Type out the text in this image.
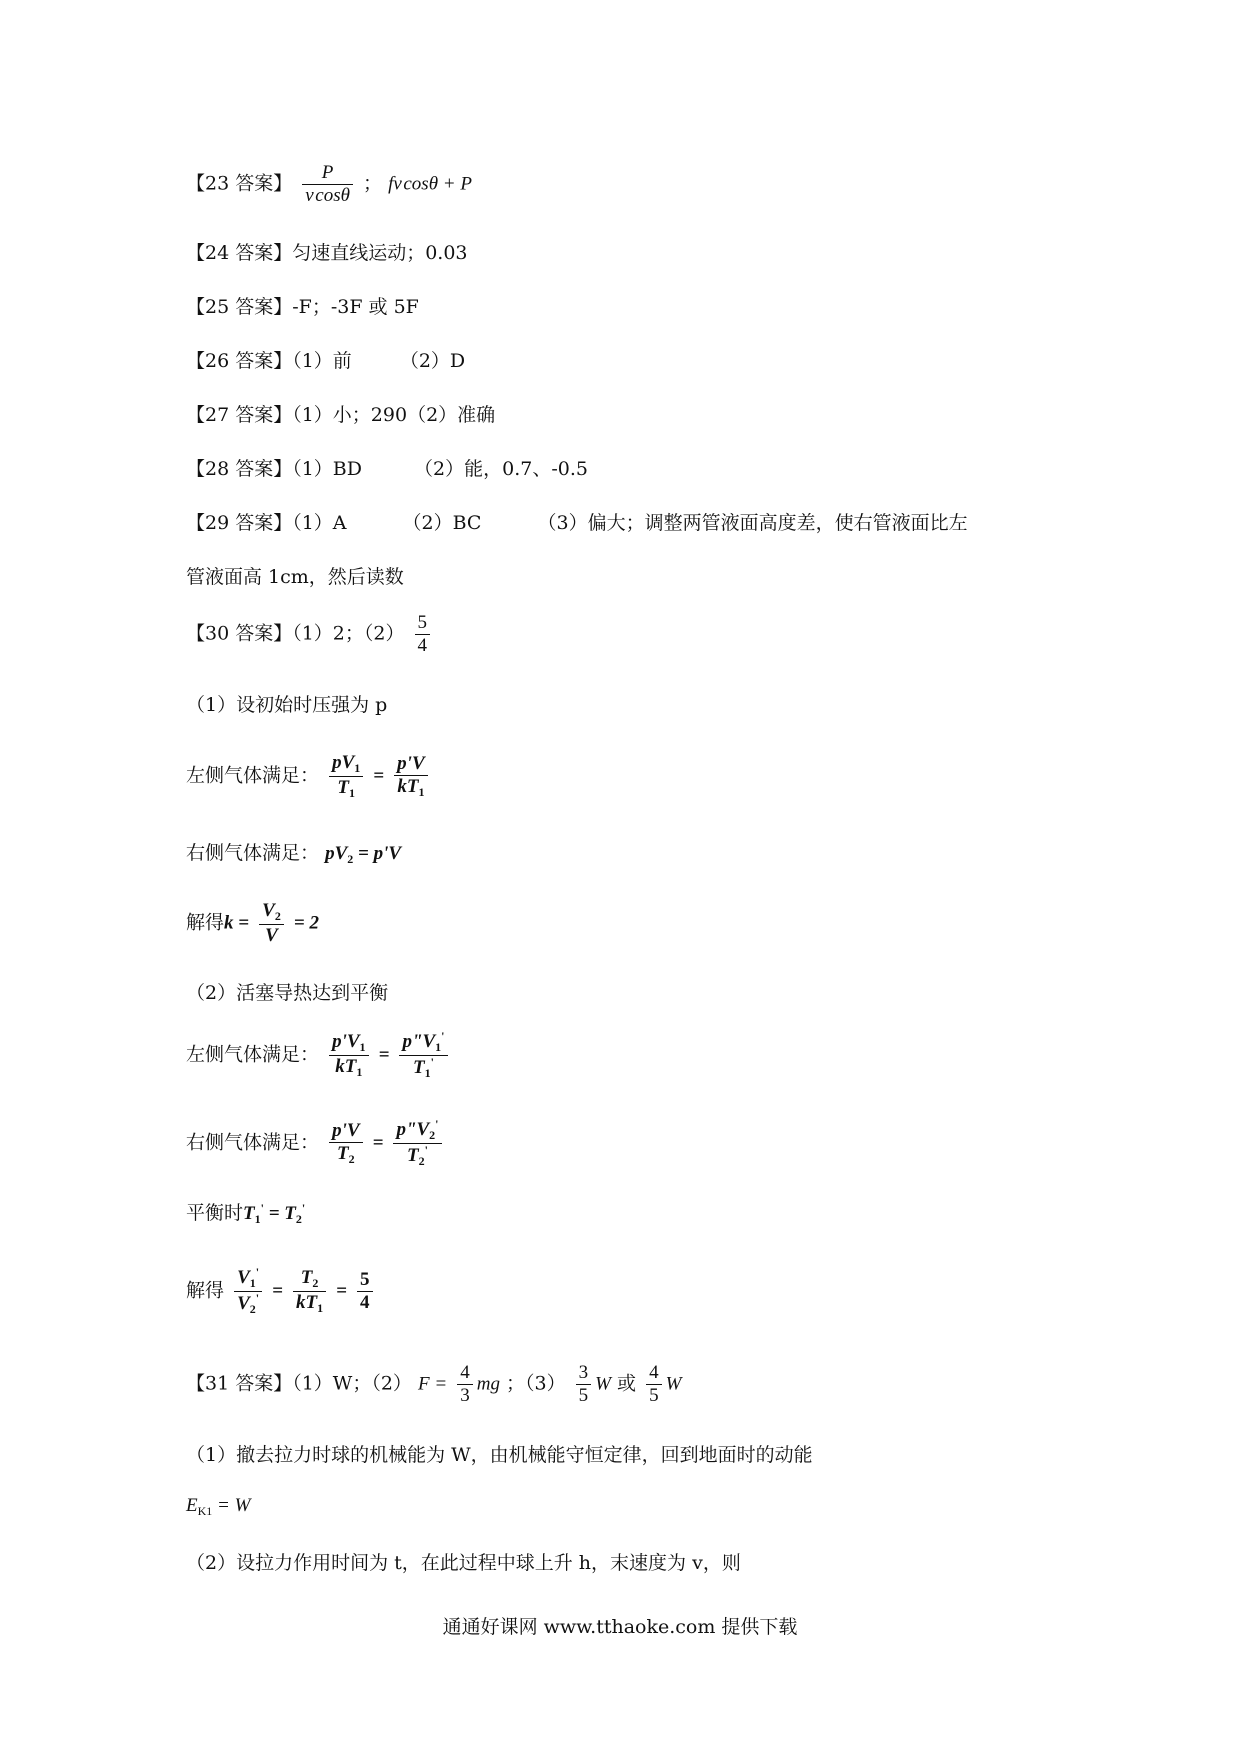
【23 答案】 $\frac{P}{\text{v cosθ}}$ ； fv cosθ + P
【24 答案】匀速直线运动；0.03
【25 答案】-F；-3F 或 5F
【26 答案】（1）前	（2）D
【27 答案】（1）小；290（2）准确
【28 答案】（1）BD	（2）能，0.7、-0.5
【29 答案】（1）A	（2）BC	（3）偏大；调整两管液面高度差，使右管液面比左
管液面高 1cm，然后读数
【30 答案】（1）2；$(2) \frac{5}{4}$
（1）设初始时压强为 p
左侧气体满足： $\frac{pV_1}{T_1} = \frac{p'V}{kT_1}$
右侧气体满足： $pV_2 = p'V$
解得$k = \frac{V_2}{V} = 2$
（2）活塞导热达到平衡
左侧气体满足： $\frac{p'V_1}{kT_1} = \frac{p"V_1'}{T_1'}$
右侧气体满足： $\frac{p'V}{T_2} = \frac{p"V_2'}{T_2'}$
平衡时$T_1' = T_2'$
解得 $\frac{V_1'}{V_2'} = \frac{T_2}{kT_1} = \frac{5}{4}$
【31 答案】（1）W；（2） $F = \frac{4}{3}$ mg ；$(3) \frac{3}{5}$ W 或 $\frac{4}{5}$ W
（1）撤去拉力时球的机械能为 W，由机械能守恒定律，回到地面时的动能
$E_{K1} = W$
（2）设拉力作用时间为 t，在此过程中球上升 h，末速度为 v，则
通通好课网 www.tthaoke.com 提供下载
